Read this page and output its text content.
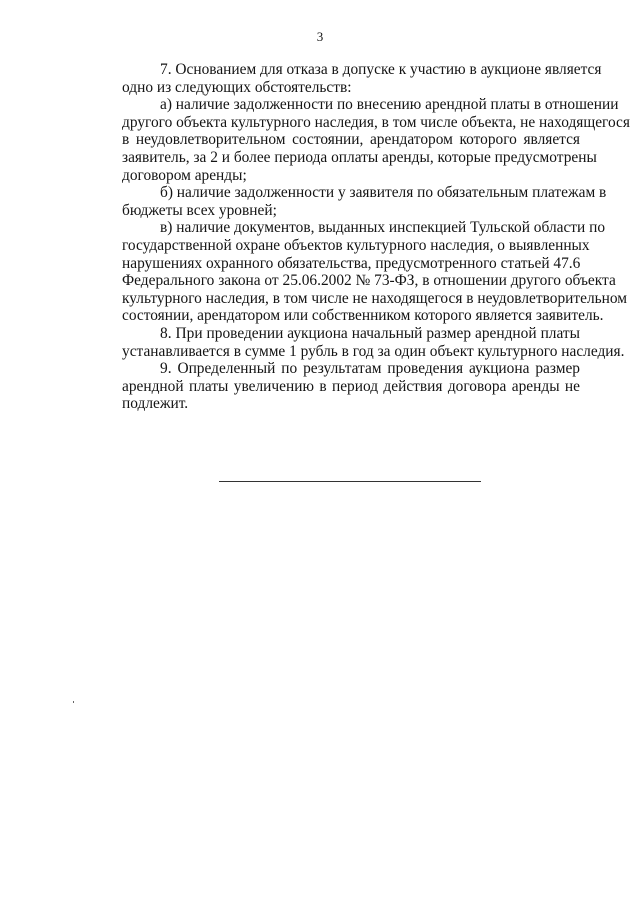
3
7. Основанием для отказа в допуске к участию в аукционе является
одно из следующих обстоятельств:
а) наличие задолженности по внесению арендной платы в отношении
другого объекта культурного наследия, в том числе объекта, не находящегося
в неудовлетворительном состоянии, арендатором которого является
заявитель, за 2 и более периода оплаты аренды, которые предусмотрены
договором аренды;
б) наличие задолженности у заявителя по обязательным платежам в
бюджеты всех уровней;
в) наличие документов, выданных инспекцией Тульской области по
государственной охране объектов культурного наследия, о выявленных
нарушениях охранного обязательства, предусмотренного статьей 47.6
Федерального закона от 25.06.2002 № 73-ФЗ, в отношении другого объекта
культурного наследия, в том числе не находящегося в неудовлетворительном
состоянии, арендатором или собственником которого является заявитель.
8. При проведении аукциона начальный размер арендной платы
устанавливается в сумме 1 рубль в год за один объект культурного наследия.
9. Определенный по результатам проведения аукциона размер
арендной платы увеличению в период действия договора аренды не
подлежит.
